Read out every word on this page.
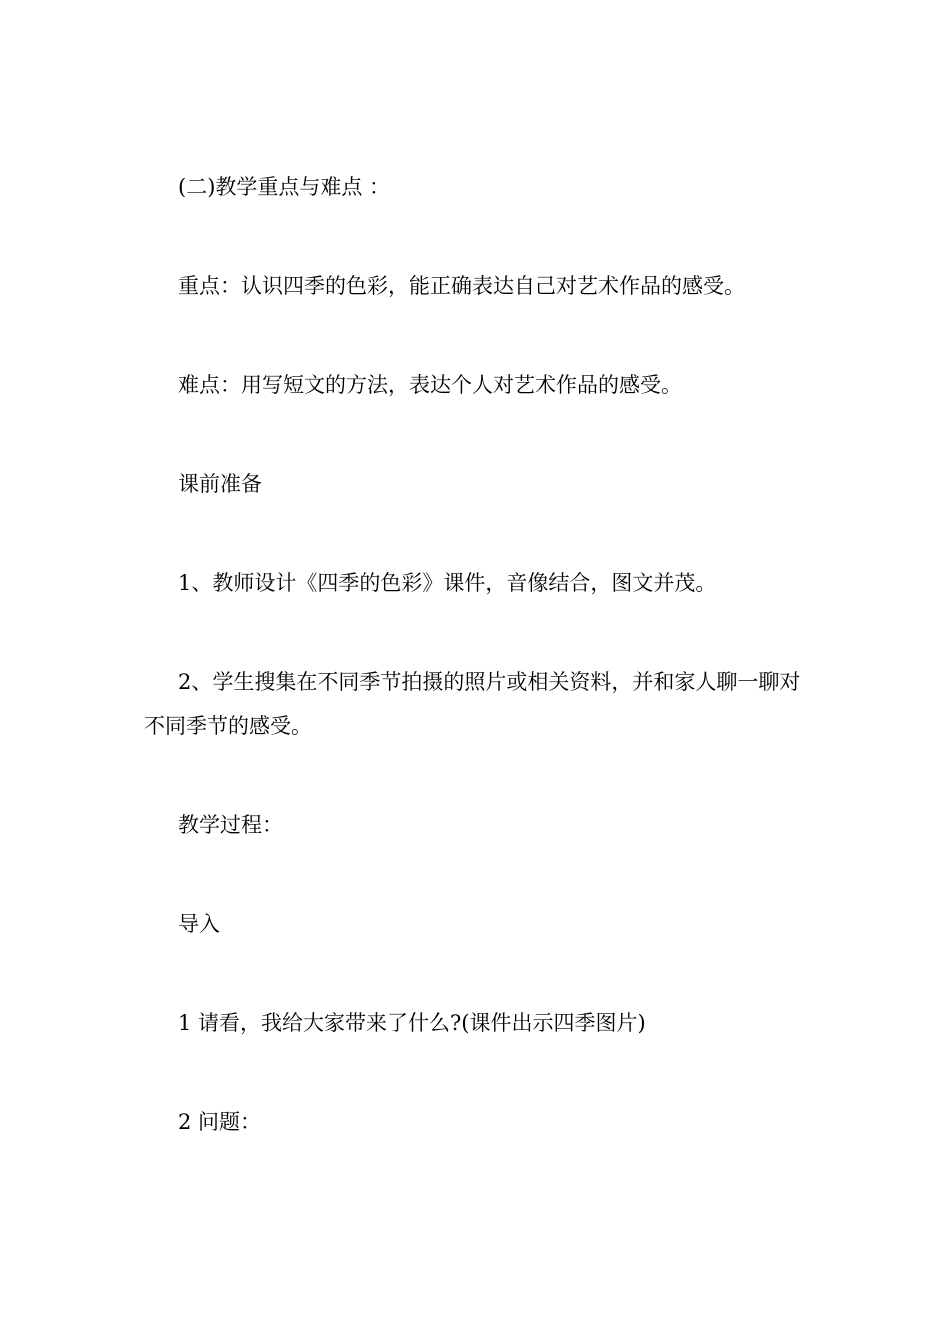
(二)教学重点与难点 ：

重点：认识四季的色彩，能正确表达自己对艺术作品的感受。

难点：用写短文的方法，表达个人对艺术作品的感受。

课前准备

1、教师设计《四季的色彩》课件，音像结合，图文并茂。

2、学生搜集在不同季节拍摄的照片或相关资料，并和家人聊一聊对不同季节的感受。

教学过程：

导入

1 请看，我给大家带来了什么?(课件出示四季图片)

2 问题：
